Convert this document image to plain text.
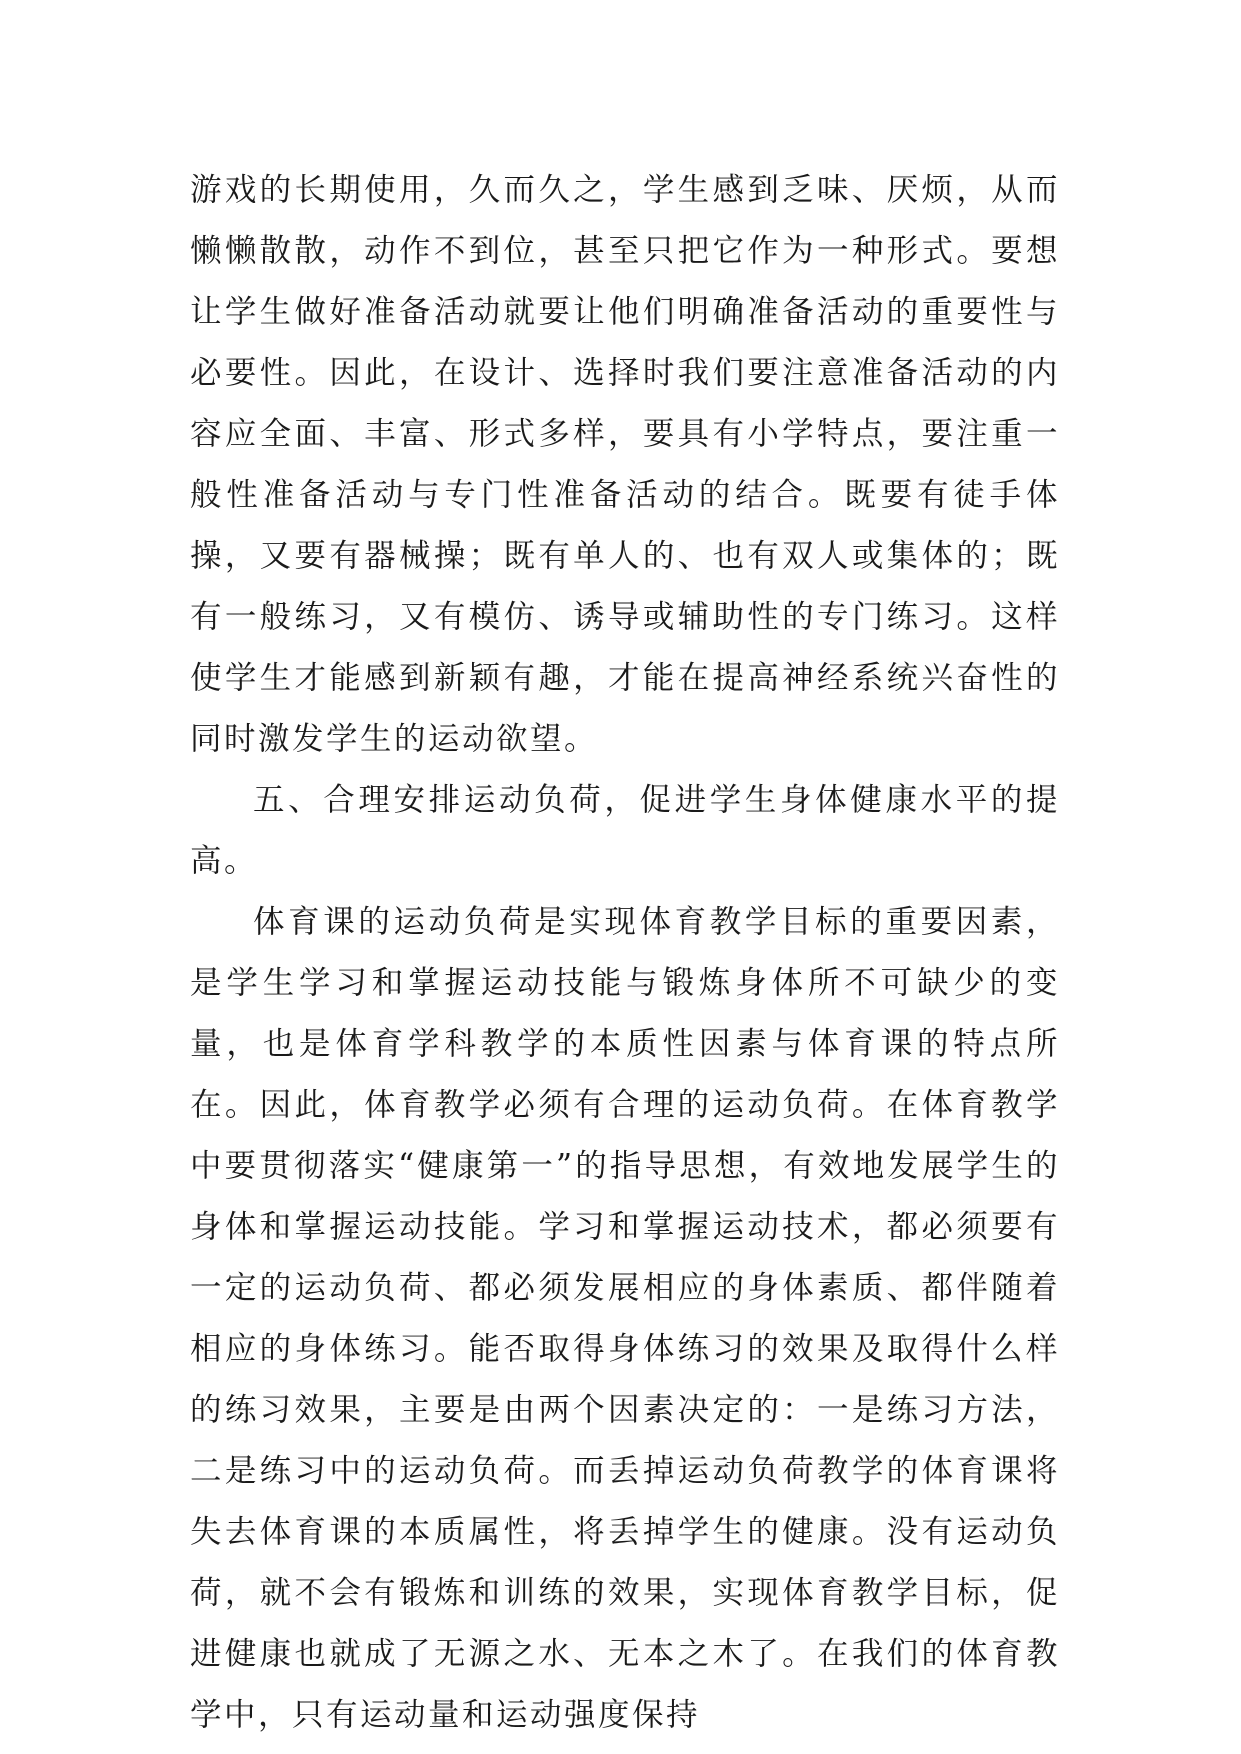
游戏的长期使用，久而久之，学生感到乏味、厌烦，从而懒懒散散，动作不到位，甚至只把它作为一种形式。要想让学生做好准备活动就要让他们明确准备活动的重要性与必要性。因此，在设计、选择时我们要注意准备活动的内容应全面、丰富、形式多样，要具有小学特点，要注重一般性准备活动与专门性准备活动的结合。既要有徒手体操，又要有器械操；既有单人的、也有双人或集体的；既有一般练习，又有模仿、诱导或辅助性的专门练习。这样使学生才能感到新颖有趣，才能在提高神经系统兴奋性的同时激发学生的运动欲望。

五、合理安排运动负荷，促进学生身体健康水平的提高。

体育课的运动负荷是实现体育教学目标的重要因素，是学生学习和掌握运动技能与锻炼身体所不可缺少的变量，也是体育学科教学的本质性因素与体育课的特点所在。因此，体育教学必须有合理的运动负荷。在体育教学中要贯彻落实“健康第一”的指导思想，有效地发展学生的身体和掌握运动技能。学习和掌握运动技术，都必须要有一定的运动负荷、都必须发展相应的身体素质、都伴随着相应的身体练习。能否取得身体练习的效果及取得什么样的练习效果，主要是由两个因素决定的：一是练习方法，二是练习中的运动负荷。而丢掉运动负荷教学的体育课将失去体育课的本质属性，将丢掉学生的健康。没有运动负荷，就不会有锻炼和训练的效果，实现体育教学目标，促进健康也就成了无源之水、无本之木了。在我们的体育教学中，只有运动量和运动强度保持
